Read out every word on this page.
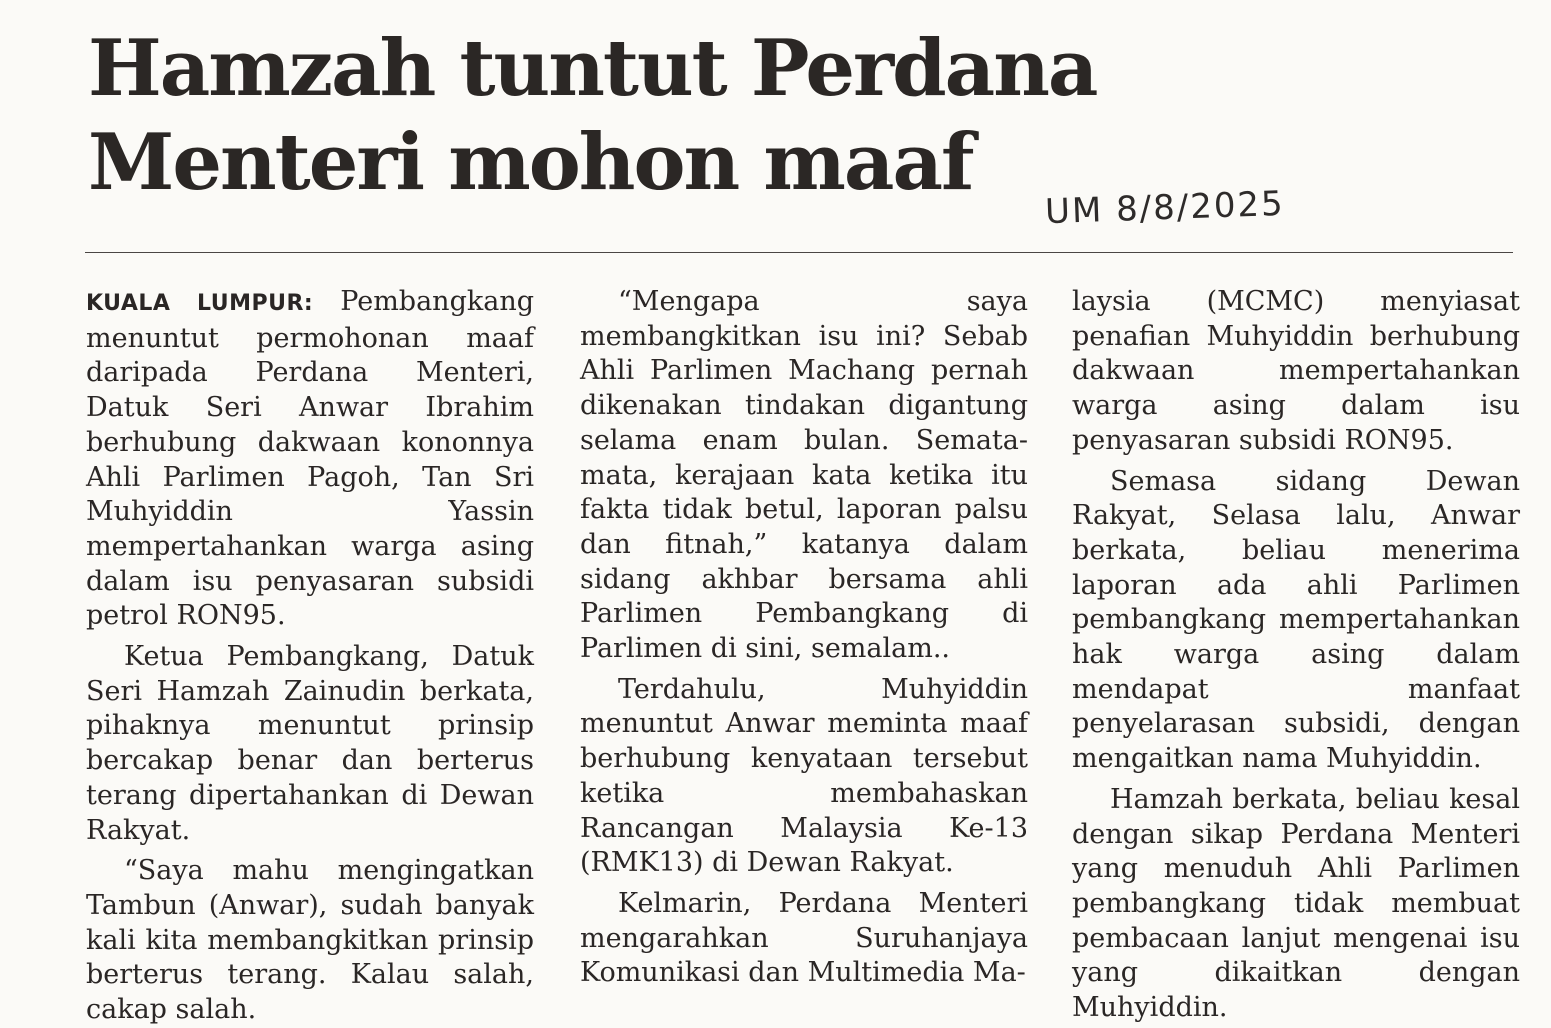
Hamzah tuntut Perdana
Menteri mohon maaf	UM 8/8/2025

KUALA LUMPUR: Pembangkang menuntut permohonan maaf daripada Perdana Menteri, Datuk Seri Anwar Ibrahim berhubung dakwaan kononnya Ahli Parlimen Pagoh, Tan Sri Muhyiddin Yassin mempertahankan warga asing dalam isu penyasaran subsidi petrol RON95.

Ketua Pembangkang, Datuk Seri Hamzah Zainudin berkata, pihaknya menuntut prinsip bercakap benar dan berterus terang dipertahankan di Dewan Rakyat.

“Saya mahu mengingatkan Tambun (Anwar), sudah banyak kali kita membangkitkan prinsip berterus terang. Kalau salah, cakap salah.

“Mengapa saya membangkitkan isu ini? Sebab Ahli Parlimen Machang pernah dikenakan tindakan digantung selama enam bulan. Semata-mata, kerajaan kata ketika itu fakta tidak betul, laporan palsu dan fitnah,” katanya dalam sidang akhbar bersama ahli Parlimen Pembangkang di Parlimen di sini, semalam..

Terdahulu, Muhyiddin menuntut Anwar meminta maaf berhubung kenyataan tersebut ketika membahaskan Rancangan Malaysia Ke-13 (RMK13) di Dewan Rakyat.

Kelmarin, Perdana Menteri mengarahkan Suruhanjaya Komunikasi dan Multimedia Ma-

laysia (MCMC) menyiasat penafian Muhyiddin berhubung dakwaan mempertahankan warga asing dalam isu penyasaran subsidi RON95.

Semasa sidang Dewan Rakyat, Selasa lalu, Anwar berkata, beliau menerima laporan ada ahli Parlimen pembangkang mempertahankan hak warga asing dalam mendapat manfaat penyelarasan subsidi, dengan mengaitkan nama Muhyiddin.

Hamzah berkata, beliau kesal dengan sikap Perdana Menteri yang menuduh Ahli Parlimen pembangkang tidak membuat pembacaan lanjut mengenai isu yang dikaitkan dengan Muhyiddin.
